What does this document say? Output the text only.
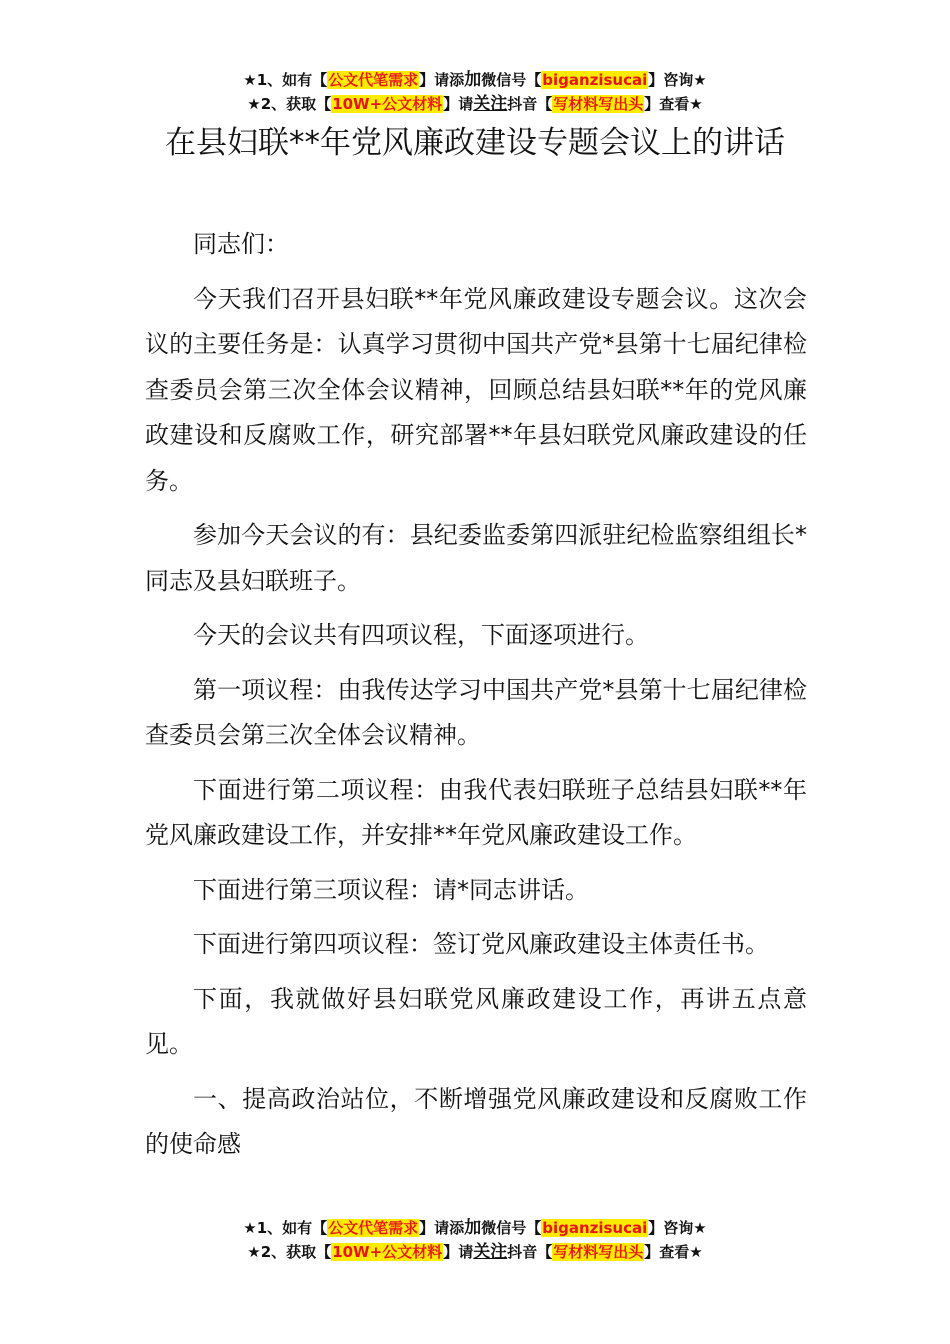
★1、如有【公文代笔需求】请添加微信号【biganzisucai】咨询★
★2、获取【10W+公文材料】请关注抖音【写材料写出头】查看★
在县妇联**年党风廉政建设专题会议上的讲话

同志们：

今天我们召开县妇联**年党风廉政建设专题会议。这次会议的主要任务是：认真学习贯彻中国共产党*县第十七届纪律检查委员会第三次全体会议精神，回顾总结县妇联**年的党风廉政建设和反腐败工作，研究部署**年县妇联党风廉政建设的任务。

参加今天会议的有：县纪委监委第四派驻纪检监察组组长*同志及县妇联班子。

今天的会议共有四项议程，下面逐项进行。

第一项议程：由我传达学习中国共产党*县第十七届纪律检查委员会第三次全体会议精神。

下面进行第二项议程：由我代表妇联班子总结县妇联**年党风廉政建设工作，并安排**年党风廉政建设工作。

下面进行第三项议程：请*同志讲话。

下面进行第四项议程：签订党风廉政建设主体责任书。

下面，我就做好县妇联党风廉政建设工作，再讲五点意见。

一、提高政治站位，不断增强党风廉政建设和反腐败工作的使命感

★1、如有【公文代笔需求】请添加微信号【biganzisucai】咨询★
★2、获取【10W+公文材料】请关注抖音【写材料写出头】查看★
